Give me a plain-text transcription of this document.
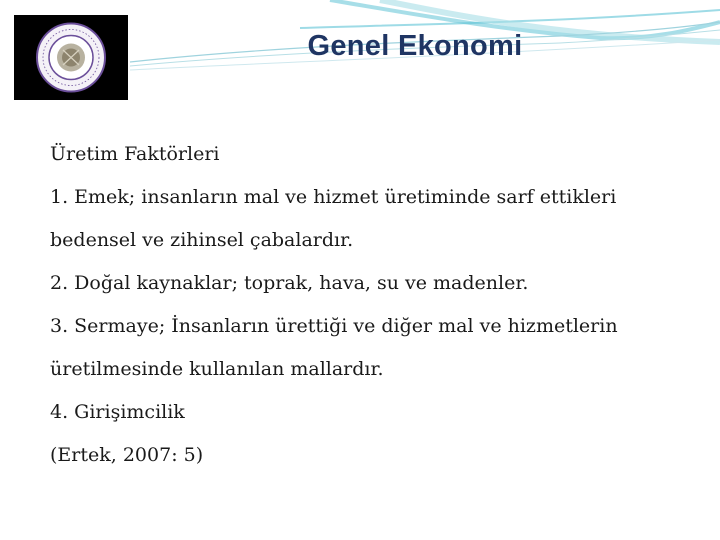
Genel Ekonomi
Üretim Faktörleri
1. Emek; insanların mal ve hizmet üretiminde sarf ettikleri
bedensel ve zihinsel çabalardır.
2. Doğal kaynaklar; toprak, hava, su ve madenler.
3. Sermaye; İnsanların ürettiği ve diğer mal ve hizmetlerin
üretilmesinde kullanılan mallardır.
4. Girişimcilik
(Ertek, 2007: 5)
